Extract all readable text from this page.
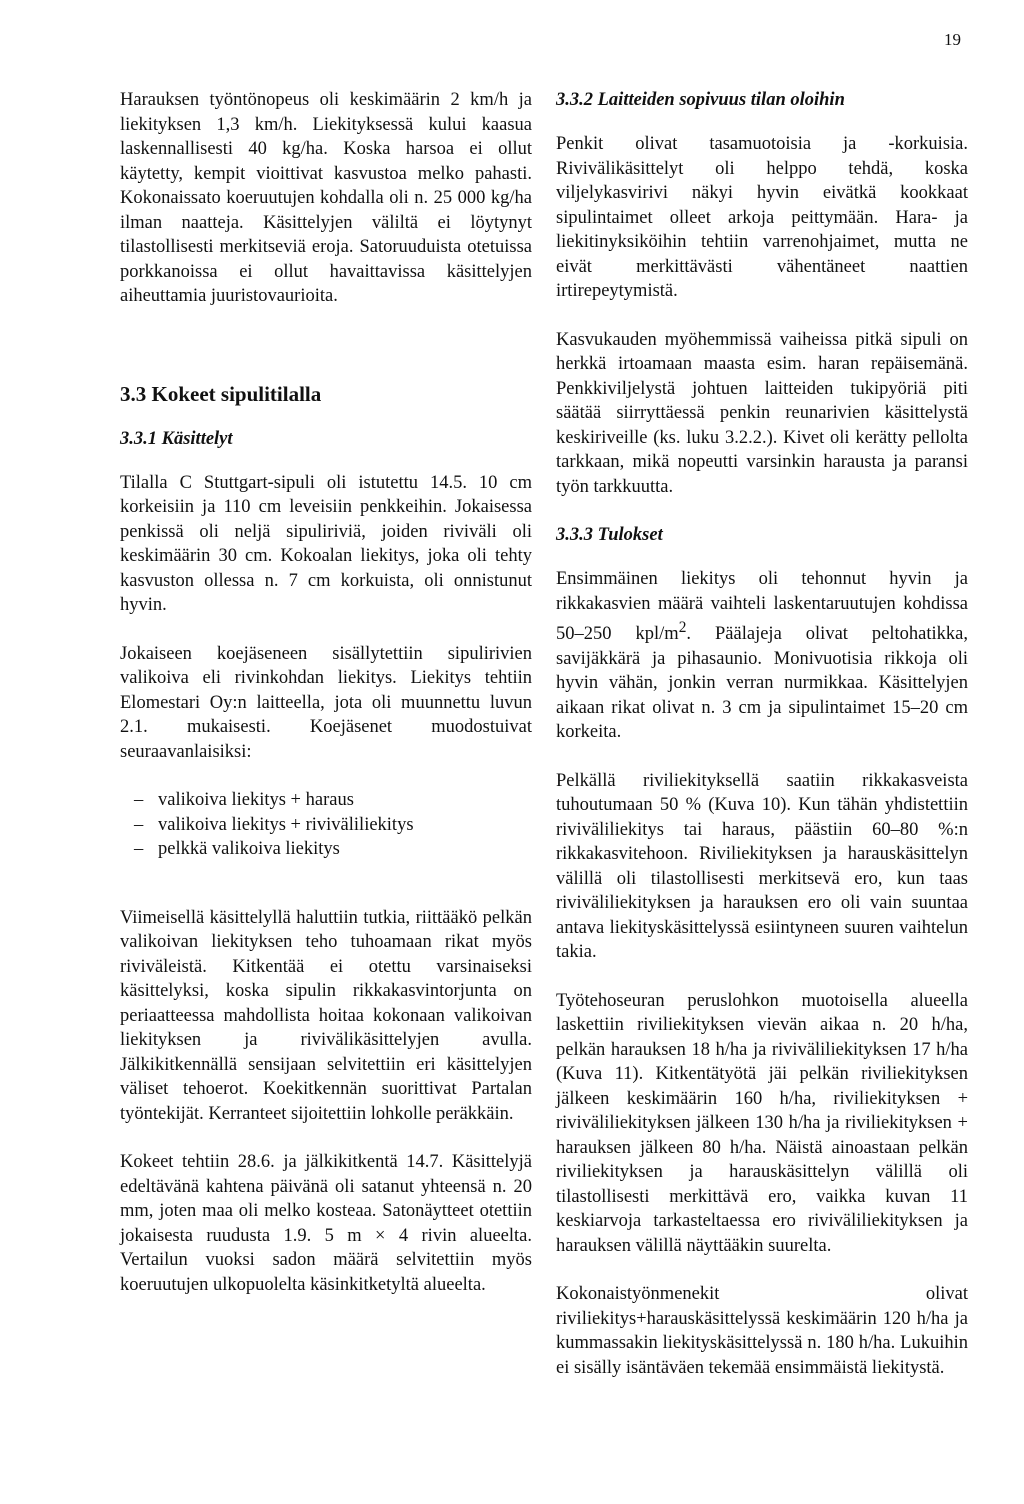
19

Harauksen työntönopeus oli keskimäärin 2 km/h ja liekityksen 1,3 km/h. Liekityksessä kului kaasua laskennallisesti 40 kg/ha. Koska harsoa ei ollut käytetty, kempit vioittivat kasvustoa melko pahasti. Kokonaissato koeruutujen kohdalla oli n. 25 000 kg/ha ilman naatteja. Käsittelyjen väliltä ei löytynyt tilastollisesti merkitseviä eroja. Satoruuduista otetuissa porkkanoissa ei ollut havaittavissa käsittelyjen aiheuttamia juuristovaurioita.

3.3 Kokeet sipulitilalla
3.3.1 Käsittelyt

Tilalla C Stuttgart-sipuli oli istutettu 14.5. 10 cm korkeisiin ja 110 cm leveisiin penkkeihin. Jokaisessa penkissä oli neljä sipuliriviä, joiden riviväli oli keskimäärin 30 cm. Kokoalan liekitys, joka oli tehty kasvuston ollessa n. 7 cm korkuista, oli onnistunut hyvin.

Jokaiseen koejäseneen sisällytettiin sipulirivien valikoiva eli rivinkohdan liekitys. Liekitys tehtiin Elomestari Oy:n laitteella, jota oli muunnettu luvun 2.1. mukaisesti. Koejäsenet muodostuivat seuraavanlaisiksi:

– valikoiva liekitys + haraus
– valikoiva liekitys + riviväliliekitys
– pelkkä valikoiva liekitys

Viimeisellä käsittelyllä haluttiin tutkia, riittääkö pelkän valikoivan liekityksen teho tuhoamaan rikat myös riviväleistä. Kitkentää ei otettu varsinaiseksi käsittelyksi, koska sipulin rikkakasvintorjunta on periaatteessa mahdollista hoitaa kokonaan valikoivan liekityksen ja rivivälikäsittelyjen avulla. Jälkikitkennällä sensijaan selvitettiin eri käsittelyjen väliset tehoerot. Koekitkennän suorittivat Partalan työntekijät. Kerranteet sijoitettiin lohkolle peräkkäin.

Kokeet tehtiin 28.6. ja jälkikitkentä 14.7. Käsittelyjä edeltävänä kahtena päivänä oli satanut yhteensä n. 20 mm, joten maa oli melko kosteaa. Satonäytteet otettiin jokaisesta ruudusta 1.9. 5 m × 4 rivin alueelta. Vertailun vuoksi sadon määrä selvitettiin myös koeruutujen ulkopuolelta käsinkitketyltä alueelta.

3.3.2 Laitteiden sopivuus tilan oloihin

Penkit olivat tasamuotoisia ja -korkuisia. Rivivälikäsittelyt oli helppo tehdä, koska viljelykasvirivi näkyi hyvin eivätkä kookkaat sipulintaimet olleet arkoja peittymään. Hara- ja liekitinyksiköihin tehtiin varrenohjaimet, mutta ne eivät merkittävästi vähentäneet naattien irtirepeytymistä.

Kasvukauden myöhemmissä vaiheissa pitkä sipuli on herkkä irtoamaan maasta esim. haran repäisemänä. Penkkiviljelystä johtuen laitteiden tukipyöriä piti säätää siirryttäessä penkin reunarivien käsittelystä keskiriveille (ks. luku 3.2.2.). Kivet oli kerätty pellolta tarkkaan, mikä nopeutti varsinkin harausta ja paransi työn tarkkuutta.

3.3.3 Tulokset

Ensimmäinen liekitys oli tehonnut hyvin ja rikkakasvien määrä vaihteli laskentaruutujen kohdissa 50–250 kpl/$m^2$. Päälajeja olivat peltohatikka, savijäkkärä ja pihasaunio. Monivuotisia rikkoja oli hyvin vähän, jonkin verran nurmikkaa. Käsittelyjen aikaan rikat olivat n. 3 cm ja sipulintaimet 15–20 cm korkeita.

Pelkällä riviliekityksellä saatiin rikkakasveista tuhoutumaan 50 % (Kuva 10). Kun tähän yhdistettiin riviväliliekitys tai haraus, päästiin 60–80 %:n rikkakasvitehoon. Riviliekityksen ja harauskäsittelyn välillä oli tilastollisesti merkitsevä ero, kun taas riviväliliekityksen ja harauksen ero oli vain suuntaa antava liekityskäsittelyssä esiintyneen suuren vaihtelun takia.

Työtehoseuran peruslohkon muotoisella alueella laskettiin riviliekityksen vievän aikaa n. 20 h/ha, pelkän harauksen 18 h/ha ja riviväliliekityksen 17 h/ha (Kuva 11). Kitkentätyötä jäi pelkän riviliekityksen jälkeen keskimäärin 160 h/ha, riviliekityksen + riviväliliekityksen jälkeen 130 h/ha ja riviliekityksen + harauksen jälkeen 80 h/ha. Näistä ainoastaan pelkän riviliekityksen ja harauskäsittelyn välillä oli tilastollisesti merkittävä ero, vaikka kuvan 11 keskiarvoja tarkasteltaessa ero riviväliliekityksen ja harauksen välillä näyttääkin suurelta.

Kokonaistyönmenekit olivat riviliekitys+harauskäsittelyssä keskimäärin 120 h/ha ja kummassakin liekityskäsittelyssä n. 180 h/ha. Lukuihin ei sisälly isäntäväen tekemää ensimmäistä liekitystä.
